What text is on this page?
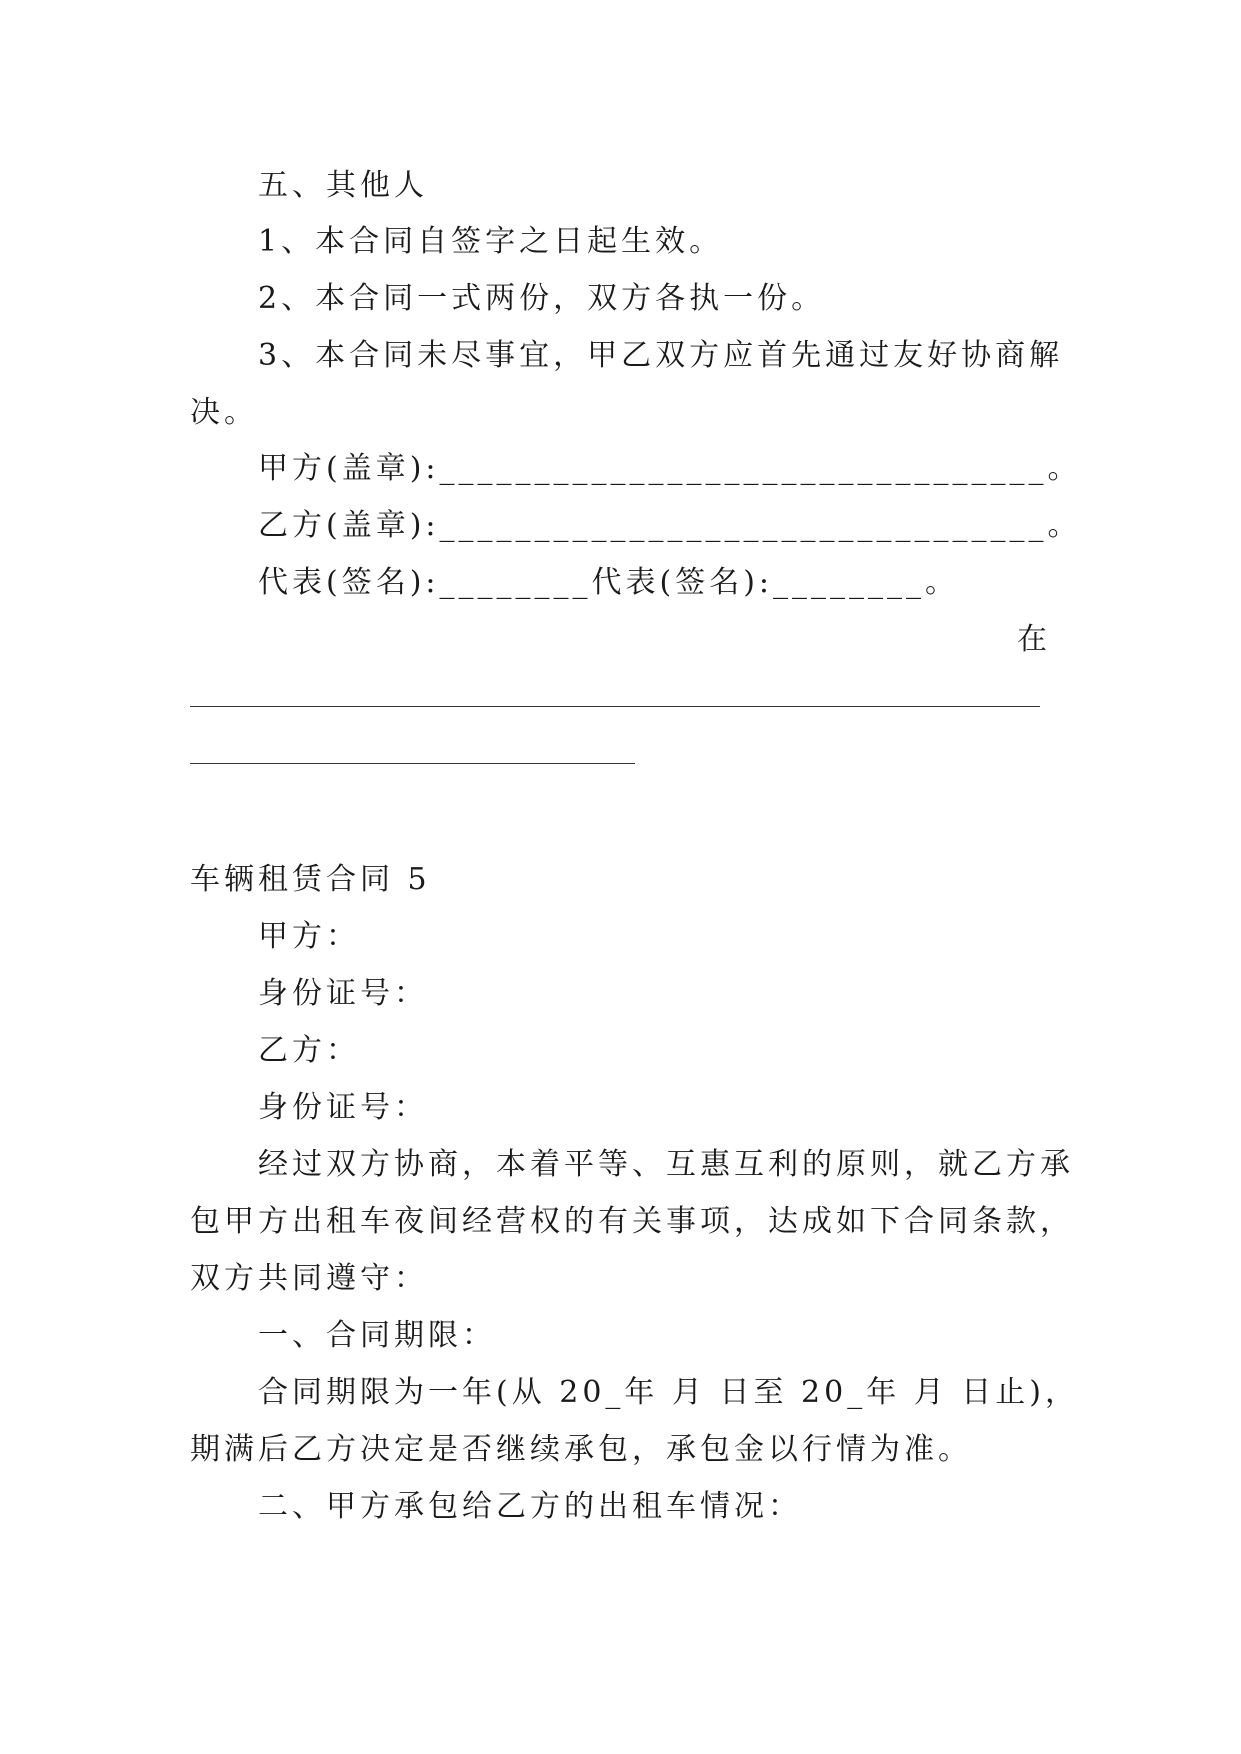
五、其他人
1、本合同自签字之日起生效。
2、本合同一式两份，双方各执一份。
3、本合同未尽事宜，甲乙双方应首先通过友好协商解
决。
甲方(盖章):________________________________。
乙方(盖章):________________________________。
代表(签名):________代表(签名):________。
在
车辆租赁合同 5
甲方：
身份证号：
乙方：
身份证号：
经过双方协商，本着平等、互惠互利的原则，就乙方承
包甲方出租车夜间经营权的有关事项，达成如下合同条款，
双方共同遵守：
一、合同期限：
合同期限为一年(从 20_年 月 日至 20_年 月 日止)，
期满后乙方决定是否继续承包，承包金以行情为准。
二、甲方承包给乙方的出租车情况：
